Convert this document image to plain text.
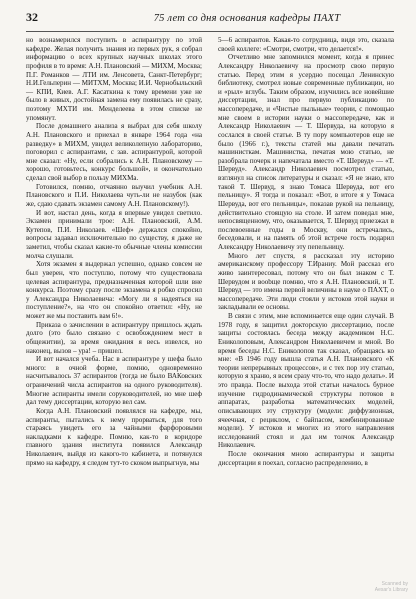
32	75 лет со дня основания кафедры ПАХТ

но вознамерился поступить в аспирантуру по этой кафедре. Желая получить знания из первых рук, я собрал информацию о всех крупных научных школах этого профиля в то время: А.Н. Плановский — МИХМ, Москва; П.Г. Романков — ЛТИ им. Ленсовета, Санкт-Петербург; Н.И.Гельперин — МИТХМ, Москва; И.И. Чернобыльский — КПИ, Киев. А.Г. Касаткина к тому времени уже не было в живых, достойная замена ему появилась не сразу, поэтому МХТИ им. Менделеева в этом списке не упомянут.

После домашнего анализа я выбрал для себя школу А.Н. Плановского и приехал в январе 1964 года «на разведку» в МИХМ, увидел великолепную лабораторию, поговорил с аспирантами, с зав. аспирантурой, которой мне сказал: «Ну, если собрались к А.Н. Плановскому — хорошо, готовьтесь, конкурс большой», и окончательно сделал свой выбор в пользу МИХМа.

Готовился, помню, отчаянно выучил учебник А.Н. Плановского и П.И. Николаева чуть-ли не назубок (как же, сдаю сдавать экзамен самому А.Н. Плановскому!).

И вот, настал день, когда я впервые увидел светило. Экзамен принимали трое: А.Н. Плановский, А.М. Кутепов, П.И. Николаев. «Шеф» держался спокойно, вопросы задавал исключительно по существу, я даже не заметил, чтобы сказал какие-то обычные члены комиссии молча слушали.

Хотя экзамен я выдержал успешно, однако совсем не был уверен, что поступлю, потому что существовала целевая аспирантура, предназначенная которой шли вне конкурса. Поэтому сразу после экзамена я робко спросил у Александра Николаевича: «Могу ли я надеяться на поступление?», на что он спокойно ответил: «Ну, не может же мы поставить вам 6!».

Приказа о зачислении в аспирантуру пришлось ждать долго (это было связано с освобождением мест в общежитии), за время ожидания я весь извелся, но наконец, вызов – ура! – пришел.

И вот начался учеба. Нас в аспирантуре у шефа было много: в очной форме, помню, одновременно насчитывалось 37 аспирантов (тогда не было ВАКовских ограничений числа аспирантов на одного руководителя). Многие аспиранты имели соруководителей, но мне шеф дал тему диссертации, которую вел сам.

Когда А.Н. Плановский появлялся на кафедре, мы, аспиранты, пытались к нему прорваться, для того стараясь увидеть его за чайными фарфоровыми накладками к кафедре. Помню, как-то в коридоре главного здания института появился Александр Николаевич, выйдя из какого-то кабинета, и потянулся прямо на кафедру, я следом тут-то скоком выпрыгнув, мы

5—6 аспирантов. Какая-то сотрудница, видя это, сказала своей коллеге: «Смотри, смотри, что делается!».

Отчетливо мне запомнился момент, когда я принес Александру Николаевичу на просмотр свою первую статью. Перед этим я усердно посещал Ленинскую библиотеку, смотрел новые современные публикации, но и «рыл» вглубь. Таким образом, изучились все новейшие диссертации, знал про первую публикацию по массопередаче, и «Чистые пыльные» теории, с помощью мне своем в истории науки о массопередаче, как и Александр Николаевич — Т. Шервуда, на которую я сослался в своей статье. В ту пору компьютеров еще не было (1966 г.), тексты статей мы давали печатать машинисткам. Машинистка, печатая мою статью, не разобрала почерк и напечатала вместо «Т. Шервуд» — «Т. Шервуд». Александр Николаевич посмотрел статью, взглянул на список литературы и сказал: «Я не знаю, кто такой Т. Шервуд, я знаю Томаса Шервуда, вот его пельницу». Я тогда и показал: «Вот, в итоге я у Томаса Шервуда, вот его пельницы», показав рукой на пельницу, действительно стоящую на столе. И затем поведал мне, непосвященному, что, оказывается, Т. Шервуд приезжал в послевоенные годы в Москву, они встречались, беседовали, и на память об этой встрече гость подарил Александру Николаевичу эту пепельницу.

Много лет спустя, я рассказал эту историю американскому профессору Т.Ираниу. Мой рассказ его живо заинтересовал, потому что он был знаком с Т. Шервудом и воobще помню, что я А.Н. Плановский, и Т. Шервуд — это имена первой величины в науке о ПАХТ, о массопередаче. Эти люди стояли у истоков этой науки и закладывали ее основы.

В связи с этим, мне вспоминается еще один случай. В 1978 году, я защитил докторскую диссертацию, после защиты состоялась беседа между академиком Н.С. Ениколоповым, Александром Николаевичем и мной. Во время беседы Н.С. Ениколопов так сказал, обращаясь ко мне: «В 1946 году вышла статья А.Н. Плановского «К теории непрерывных процессов», и с тех пор эту статью, которую я храню, я всем сразу что-то, что надо делать». И это правда. После выхода этой статьи началось бурное изучение гидродинамической структуры потоков в аппаратах, разработка математических моделей, описывающих эту структуру (модели: диффузионная, ячеечная, с рециклом, с байпасом, комбинированные модели). У истоков и многих из этого направления исследований стоял и дал им толчок Александр Николаевич.

После окончания мною аспирантуры и защиты диссертации я поехал, согласно распределению, в

Scanned by
Aesar's Library
